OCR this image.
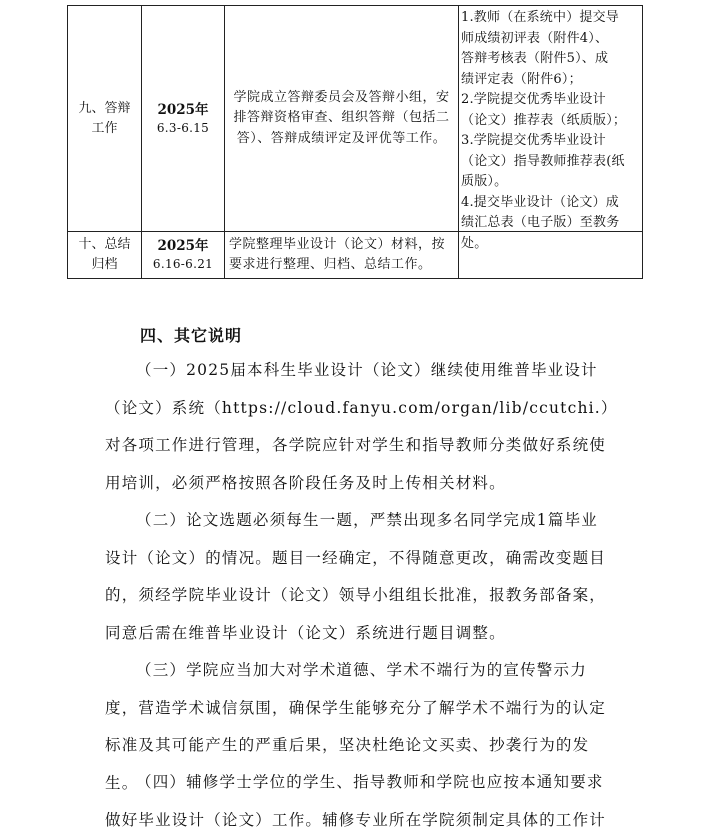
九、答辩
工作
2025年
6.3-6.15
学院成立答辩委员会及答辩小组，安排答辩资格审查、组织答辩（包括二答）、答辩成绩评定及评优等工作。
1.教师（在系统中）提交导
师成绩初评表（附件4）、
答辩考核表（附件5）、成
绩评定表（附件6）；
2.学院提交优秀毕业设计
（论文）推荐表（纸质版）；
3.学院提交优秀毕业设计
（论文）指导教师推荐表(纸
质版）。
4.提交毕业设计（论文）成
绩汇总表（电子版）至教务
处。
十、总结
归档
2025年
6.16-6.21
学院整理毕业设计（论文）材料，按要求进行整理、归档、总结工作。
四、其它说明

（一）2025届本科生毕业设计（论文）继续使用维普毕业设计（论文）系统（https://cloud.fanyu.com/organ/lib/ccutchi.）对各项工作进行管理，各学院应针对学生和指导教师分类做好系统使用培训，必须严格按照各阶段任务及时上传相关材料。

（二）论文选题必须每生一题，严禁出现多名同学完成1篇毕业设计（论文）的情况。题目一经确定，不得随意更改，确需改变题目的，须经学院毕业设计（论文）领导小组组长批准，报教务部备案，同意后需在维普毕业设计（论文）系统进行题目调整。

（三）学院应当加大对学术道德、学术不端行为的宣传警示力度，营造学术诚信氛围，确保学生能够充分了解学术不端行为的认定标准及其可能产生的严重后果，坚决杜绝论文买卖、抄袭行为的发生。

（四）辅修学士学位的学生、指导教师和学院也应按本通知要求做好毕业设计（论文）工作。辅修专业所在学院须制定具体的工作计
